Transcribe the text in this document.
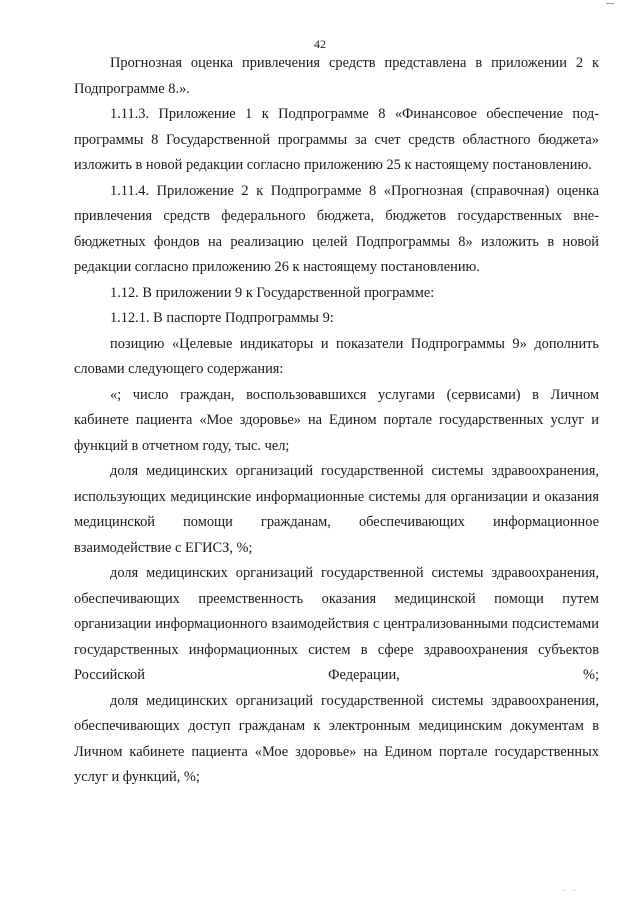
42

Прогнозная оценка привлечения средств представлена в приложении 2 к Подпрограмме 8.».

1.11.3. Приложение 1 к Подпрограмме 8 «Финансовое обеспечение подпрограммы 8 Государственной программы за счет средств областного бюджета» изложить в новой редакции согласно приложению 25 к настоящему постановлению.

1.11.4. Приложение 2 к Подпрограмме 8 «Прогнозная (справочная) оценка привлечения средств федерального бюджета, бюджетов государственных внебюджетных фондов на реализацию целей Подпрограммы 8» изложить в новой редакции согласно приложению 26 к настоящему постановлению.

1.12. В приложении 9 к Государственной программе:

1.12.1. В паспорте Подпрограммы 9:

позицию «Целевые индикаторы и показатели Подпрограммы 9» дополнить словами следующего содержания:

«; число граждан, воспользовавшихся услугами (сервисами) в Личном кабинете пациента «Мое здоровье» на Едином портале государственных услуг и функций в отчетном году, тыс. чел;

доля медицинских организаций государственной системы здравоохранения, использующих медицинские информационные системы для организации и оказания медицинской помощи гражданам, обеспечивающих информационное взаимодействие с ЕГИСЗ, %;

доля медицинских организаций государственной системы здравоохранения, обеспечивающих преемственность оказания медицинской помощи путем организации информационного взаимодействия с централизованными подсистемами государственных информационных систем в сфере здравоохранения субъектов Российской Федерации, %;

доля медицинских организаций государственной системы здравоохранения, обеспечивающих доступ гражданам к электронным медицинским документам в Личном кабинете пациента «Мое здоровье» на Едином портале государственных услуг и функций, %;

· ·
